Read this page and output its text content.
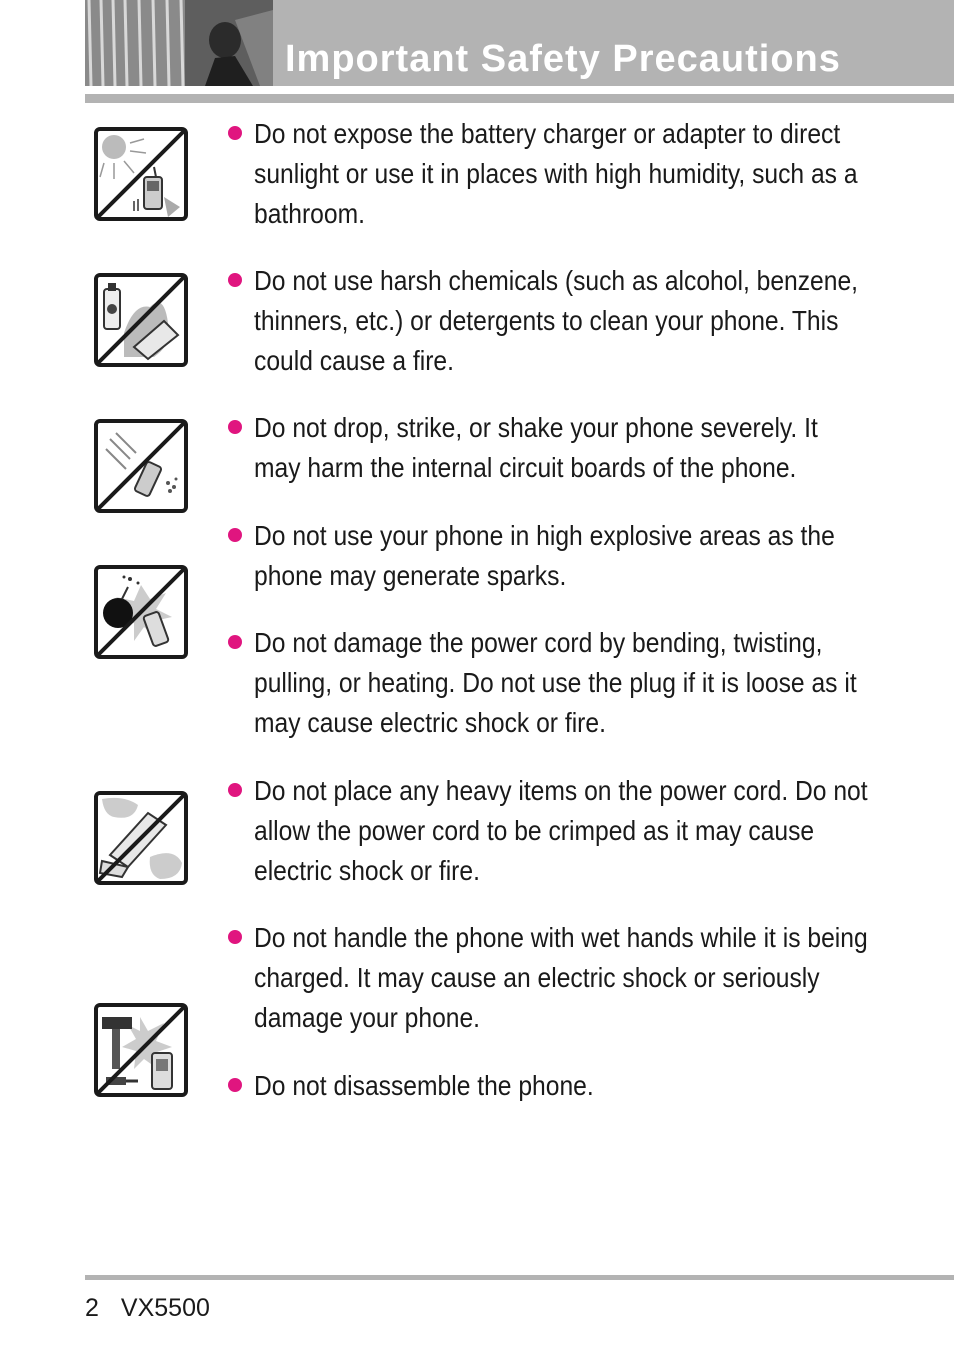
Important Safety Precautions
Do not expose the battery charger or adapter to direct sunlight or use it in places with high humidity, such as a bathroom.
Do not use harsh chemicals (such as alcohol, benzene, thinners, etc.) or detergents to clean your phone. This could cause a fire.
Do not drop, strike, or shake your phone severely. It may harm the internal circuit boards of the phone.
Do not use your phone in high explosive areas as the phone may generate sparks.
Do not damage the power cord by bending, twisting, pulling, or heating. Do not use the plug if it is loose as it may cause electric shock or fire.
Do not place any heavy items on the power cord. Do not allow the power cord to be crimped as it may cause electric shock or fire.
Do not handle the phone with wet hands while it is being charged. It may cause an electric shock or seriously damage your phone.
Do not disassemble the phone.
2 VX5500
